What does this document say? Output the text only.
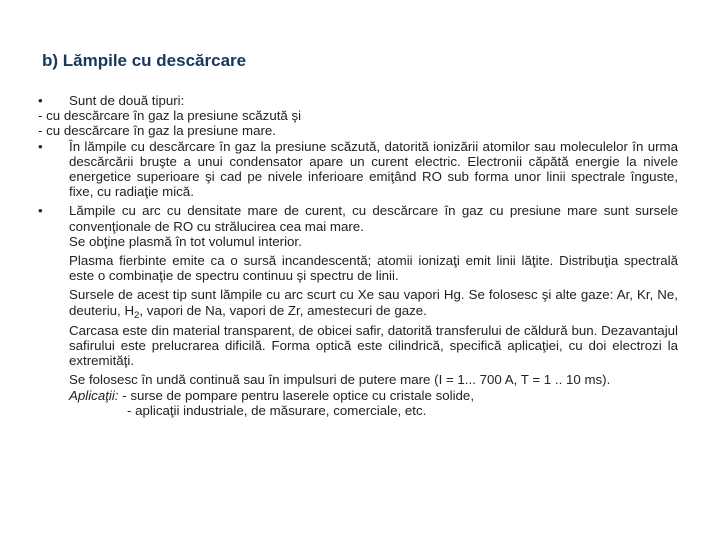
b) Lămpile cu descărcare
• Sunt de două tipuri:
- cu descărcare în gaz la presiune scăzută şi
- cu descărcare în gaz la presiune mare.
• În lămpile cu descărcare în gaz la presiune scăzută, datorită ionizării atomilor sau moleculelor în urma descărcării bruşte a unui condensator apare un curent electric. Electronii căpătă energie la nivele energetice superioare şi cad pe nivele inferioare emiţând RO sub forma unor linii spectrale înguste, fixe, cu radiaţie mică.
• Lămpile cu arc cu densitate mare de curent, cu descărcare în gaz cu presiune mare sunt sursele convenţionale de RO cu strălucirea cea mai mare.
Se obţine plasmă în tot volumul interior.
Plasma fierbinte emite ca o sursă incandescentă; atomii ionizaţi emit linii lăţite. Distribuţia spectrală este o combinaţie de spectru continuu şi spectru de linii.
Sursele de acest tip sunt lămpile cu arc scurt cu Xe sau vapori Hg. Se folosesc şi alte gaze: Ar, Kr, Ne, deuteriu, $H_2$, vapori de Na, vapori de Zr, amestecuri de gaze.
Carcasa este din material transparent, de obicei safir, datorită transferului de căldură bun. Dezavantajul safirului este prelucrarea dificilă. Forma optică este cilindrică, specifică aplicaţiei, cu doi electrozi la extremităţi.
Se folosesc în undă continuă sau în impulsuri de putere mare (I = 1... 700 A, T = 1 .. 10 ms).
Aplicaţii: - surse de pompare pentru laserele optice cu cristale solide,
- aplicaţii industriale, de măsurare, comerciale, etc.
